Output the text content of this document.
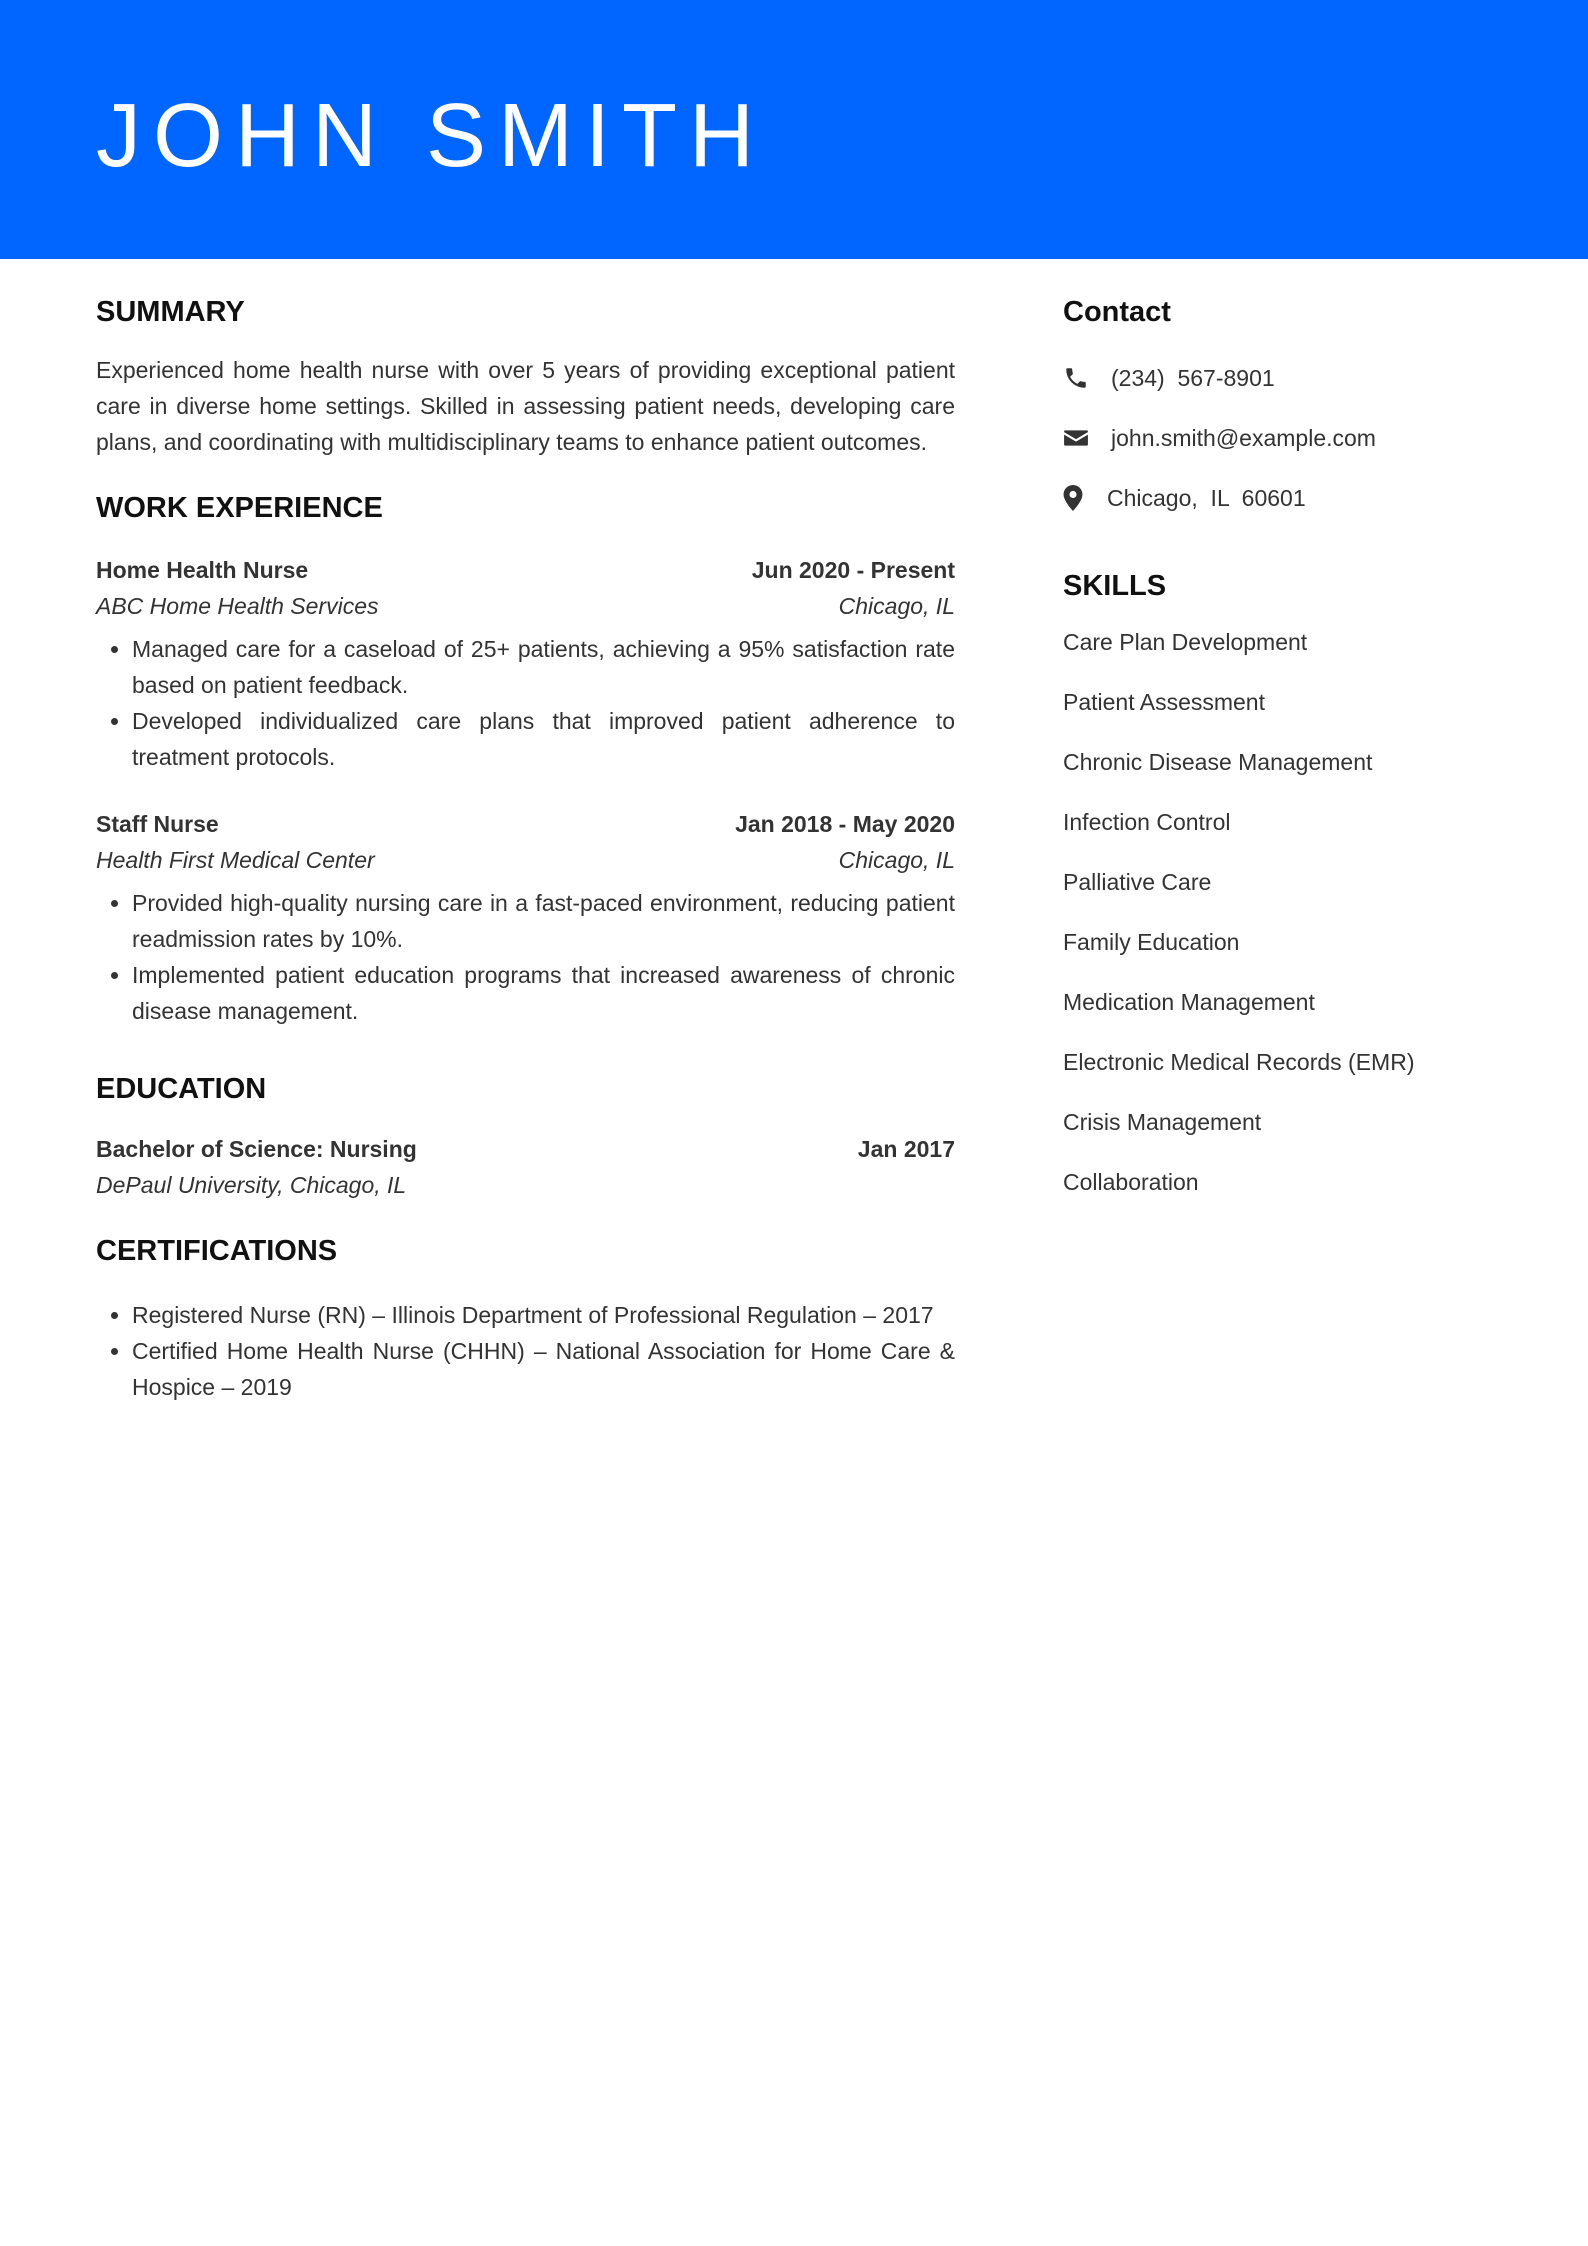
JOHN SMITH
SUMMARY

Experienced home health nurse with over 5 years of providing exceptional patient care in diverse home settings. Skilled in assessing patient needs, developing care plans, and coordinating with multidisciplinary teams to enhance patient outcomes.

WORK EXPERIENCE
Home Health Nurse	Jun 2020 - Present
ABC Home Health Services	Chicago, IL
• Managed care for a caseload of 25+ patients, achieving a 95% satisfaction rate based on patient feedback.
• Developed individualized care plans that improved patient adherence to treatment protocols.
Staff Nurse	Jan 2018 - May 2020
Health First Medical Center	Chicago, IL
• Provided high-quality nursing care in a fast-paced environment, reducing patient readmission rates by 10%.
• Implemented patient education programs that increased awareness of chronic disease management.
EDUCATION
Bachelor of Science: Nursing	Jan 2017
DePaul University, Chicago, IL
CERTIFICATIONS
• Registered Nurse (RN) – Illinois Department of Professional Regulation – 2017
• Certified Home Health Nurse (CHHN) – National Association for Home Care & Hospice – 2019
Contact
(234)  567-8901
john.smith@example.com
Chicago,  IL  60601
SKILLS
Care Plan Development
Patient Assessment
Chronic Disease Management
Infection Control
Palliative Care
Family Education
Medication Management
Electronic Medical Records (EMR)
Crisis Management
Collaboration
